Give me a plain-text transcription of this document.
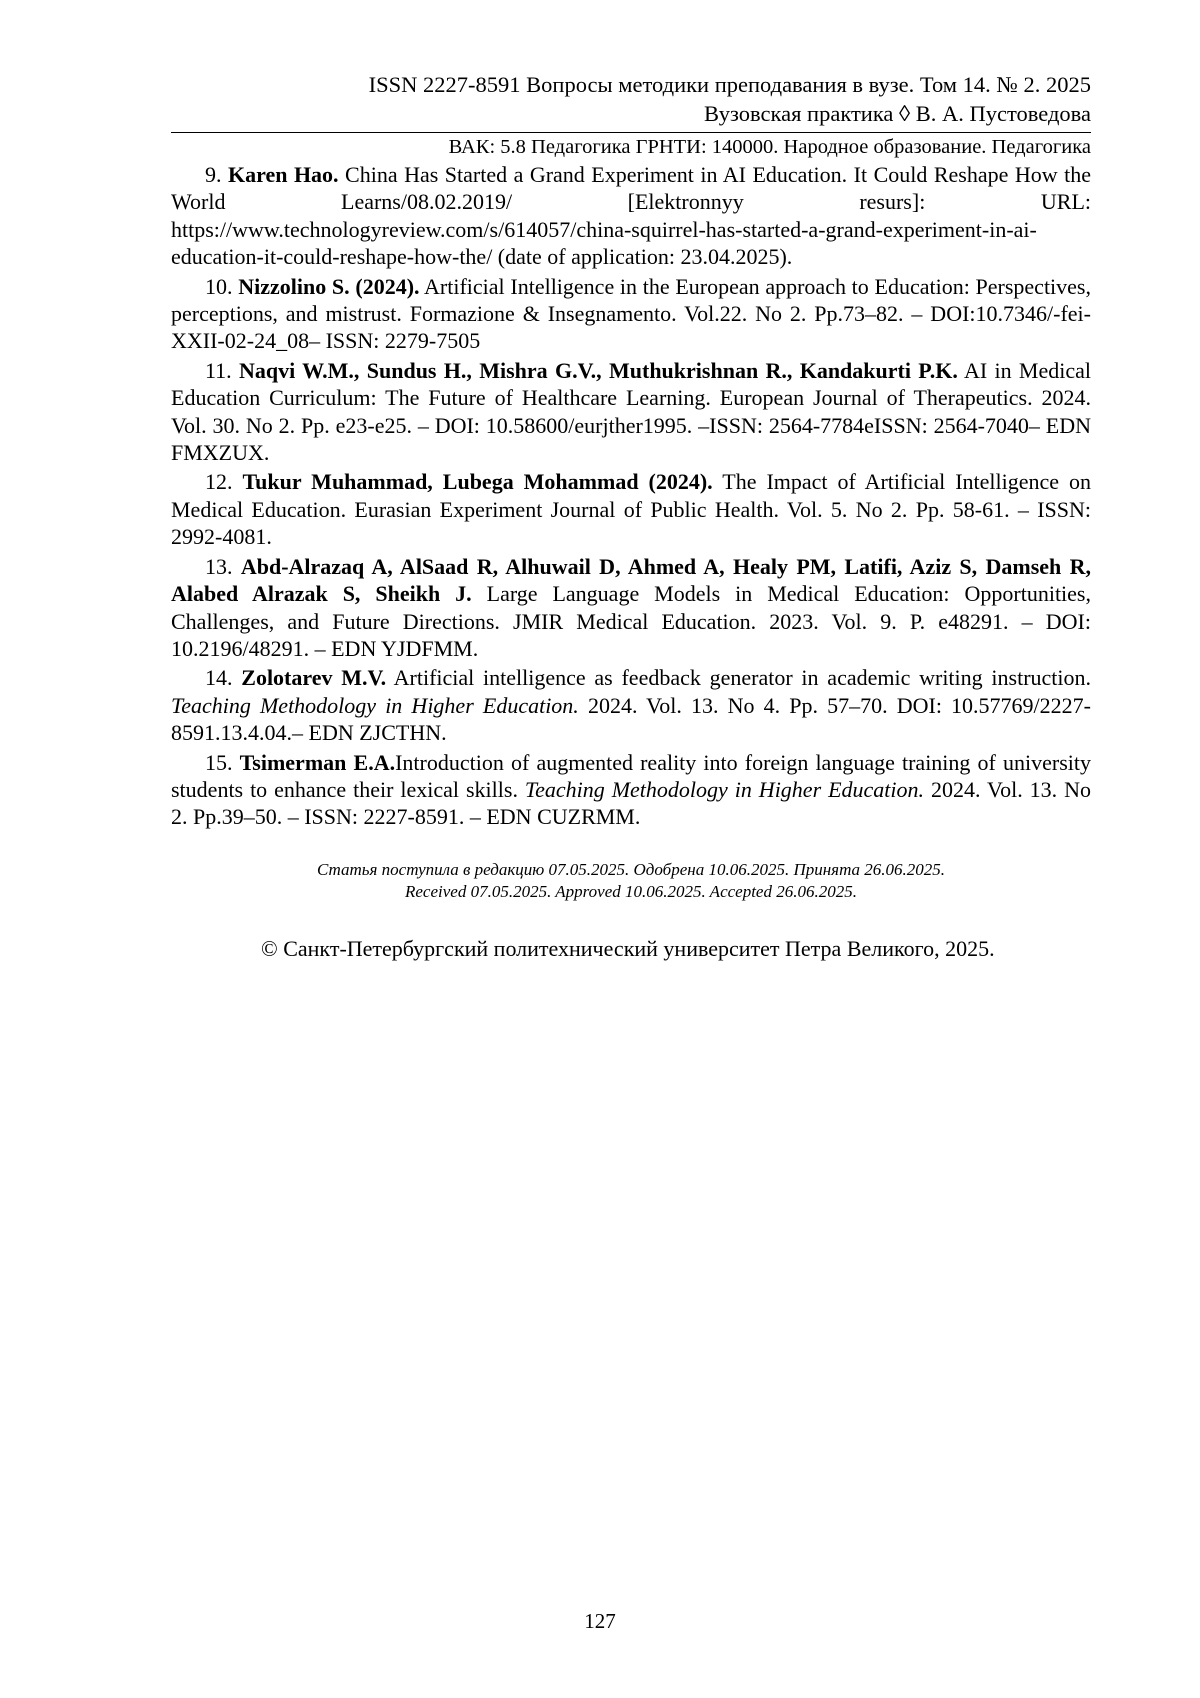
ISSN 2227-8591 Вопросы методики преподавания в вузе. Том 14. № 2. 2025
Вузовская практика ◊ В. А. Пустоведова
ВАК: 5.8 Педагогика ГРНТИ: 140000. Народное образование. Педагогика

9. Karen Hao. China Has Started a Grand Experiment in AI Education. It Could Reshape How the World Learns/08.02.2019/ [Elektronnyy resurs]: URL: https://www.technologyreview.com/s/614057/china-squirrel-has-started-a-grand-experiment-in-ai-education-it-could-reshape-how-the/ (date of application: 23.04.2025).

10. Nizzolino S. (2024). Artificial Intelligence in the European approach to Education: Perspectives, perceptions, and mistrust. Formazione & Insegnamento. Vol.22. No 2. Pp.73–82. – DOI:10.7346/-fei-XXII-02-24_08– ISSN: 2279-7505

11. Naqvi W.M., Sundus H., Mishra G.V., Muthukrishnan R., Kandakurti P.K. AI in Medical Education Curriculum: The Future of Healthcare Learning. European Journal of Therapeutics. 2024. Vol. 30. No 2. Pp. e23-e25. – DOI: 10.58600/eurjther1995. –ISSN: 2564-7784eISSN: 2564-7040– EDN FMXZUX.

12. Tukur Muhammad, Lubega Mohammad (2024). The Impact of Artificial Intelligence on Medical Education. Eurasian Experiment Journal of Public Health. Vol. 5. No 2. Pp. 58-61. – ISSN: 2992-4081.

13. Abd-Alrazaq A, AlSaad R, Alhuwail D, Ahmed A, Healy PM, Latifi, Aziz S, Damseh R, Alabed Alrazak S, Sheikh J. Large Language Models in Medical Education: Opportunities, Challenges, and Future Directions. JMIR Medical Education. 2023. Vol. 9. P. e48291. – DOI: 10.2196/48291. – EDN YJDFMM.

14. Zolotarev M.V. Artificial intelligence as feedback generator in academic writing instruction. Teaching Methodology in Higher Education. 2024. Vol. 13. No 4. Pp. 57–70. DOI: 10.57769/2227-8591.13.4.04.– EDN ZJCTHN.

15. Tsimerman E.A.Introduction of augmented reality into foreign language training of university students to enhance their lexical skills. Teaching Methodology in Higher Education. 2024. Vol. 13. No 2. Pp.39–50. – ISSN: 2227-8591. – EDN CUZRMM.

Статья поступила в редакцию 07.05.2025. Одобрена 10.06.2025. Принята 26.06.2025.
Received 07.05.2025. Approved 10.06.2025. Accepted 26.06.2025.
© Санкт-Петербургский политехнический университет Петра Великого, 2025.
127
